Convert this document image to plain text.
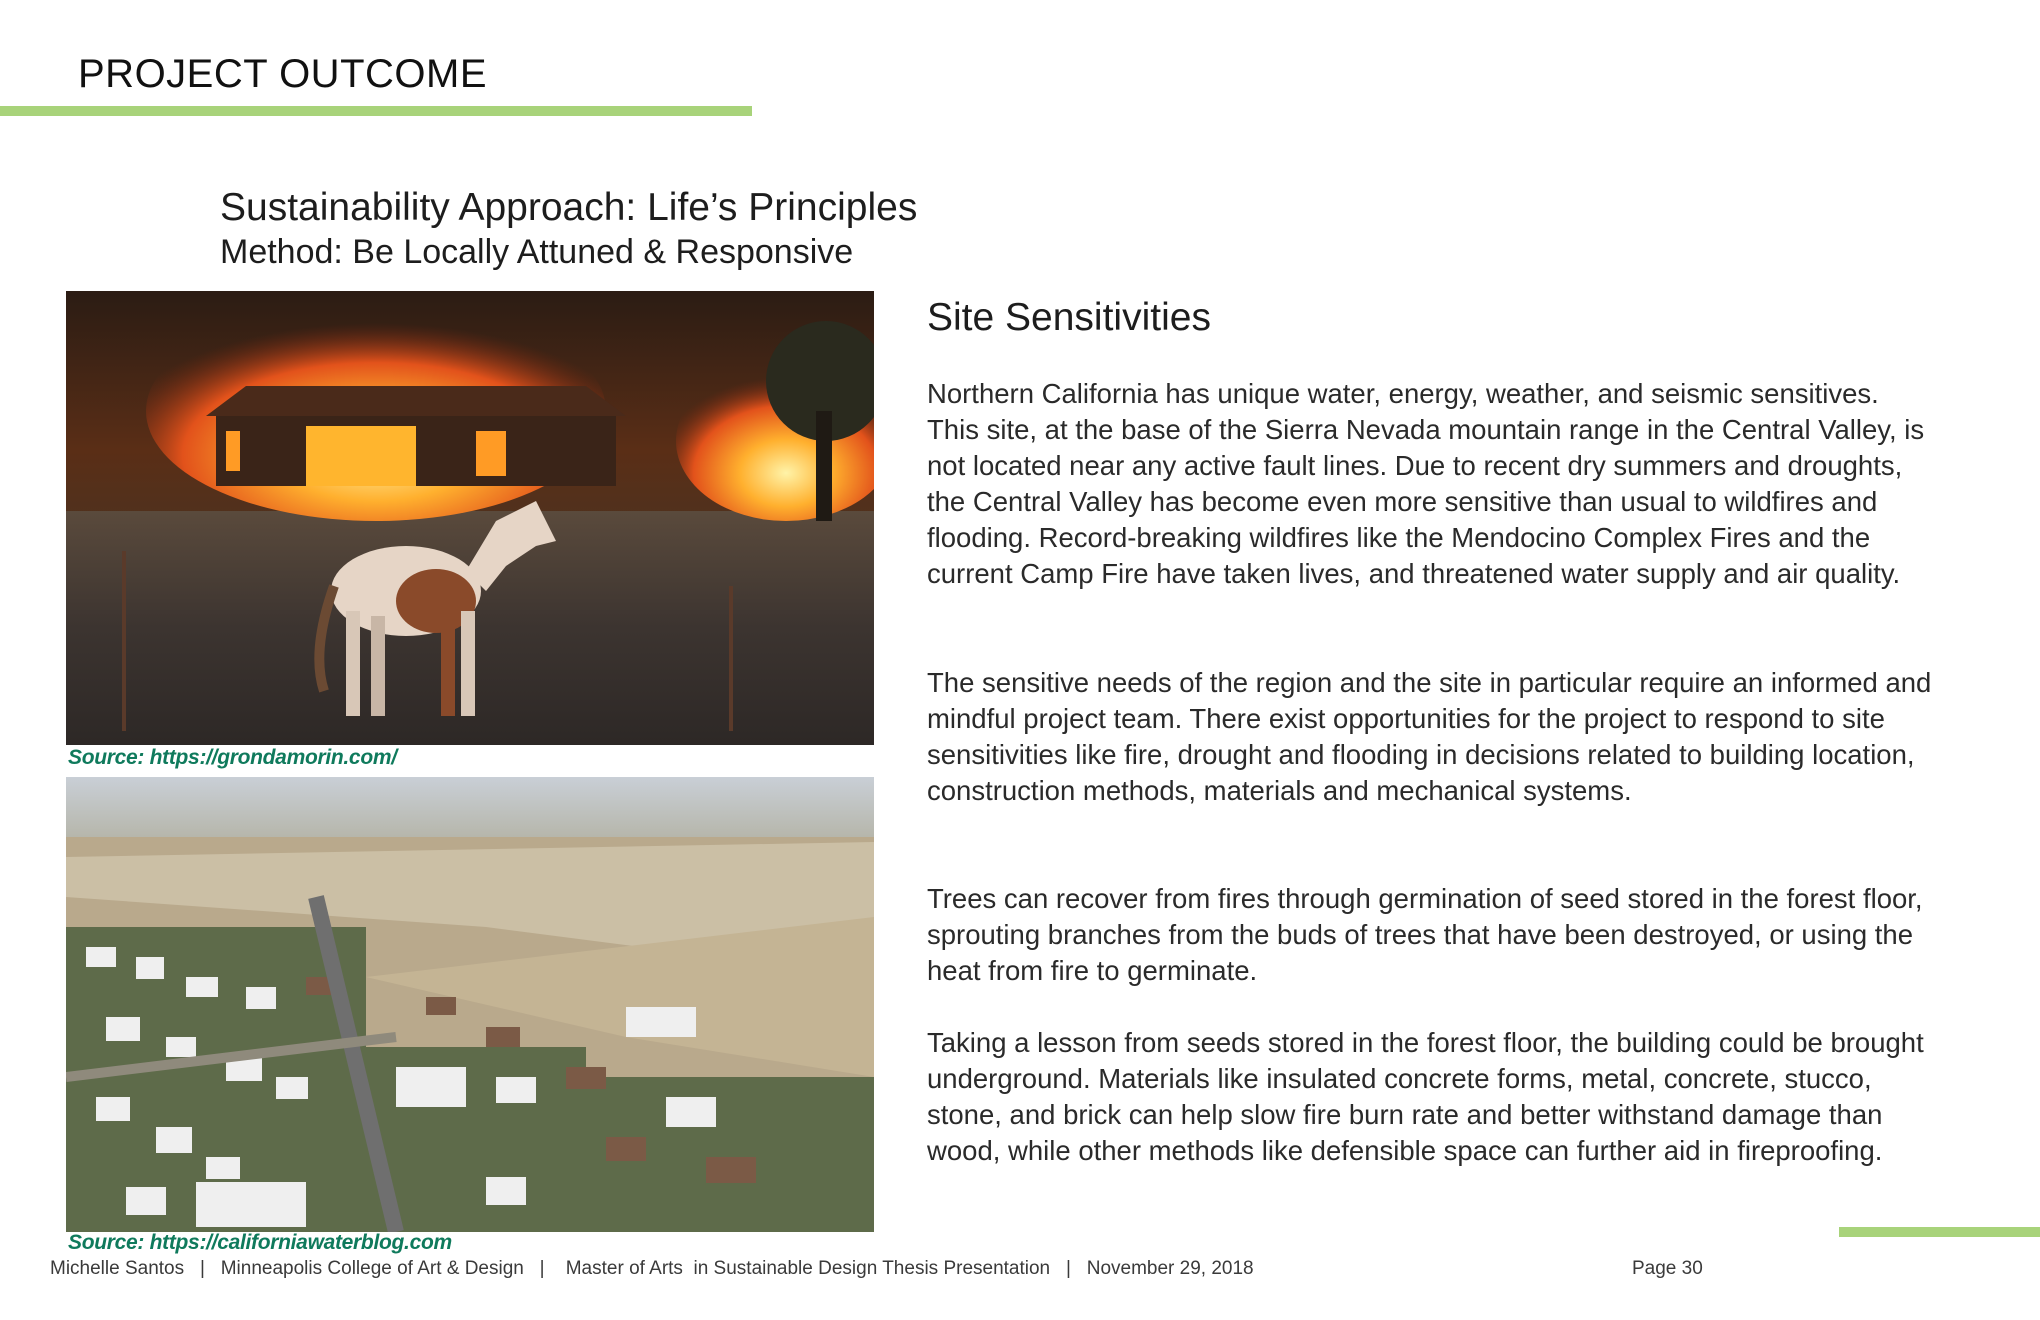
PROJECT OUTCOME
Sustainability Approach: Life’s Principles
Method: Be Locally Attuned & Responsive
Source: https://grondamorin.com/
Source: https://californiawaterblog.com
Site Sensitivities

Northern California has unique water, energy, weather, and seismic sensitives. This site, at the base of the Sierra Nevada mountain range in the Central Valley, is not located near any active fault lines. Due to recent dry summers and droughts, the Central Valley has become even more sensitive than usual to wildfires and flooding. Record-breaking wildfires like the Mendocino Complex Fires and the current Camp Fire have taken lives, and threatened water supply and air quality.

The sensitive needs of the region and the site in particular require an informed and mindful project team. There exist opportunities for the project to respond to site sensitivities like fire, drought and flooding in decisions related to building location, construction methods, materials and mechanical systems.

Trees can recover from fires through germination of seed stored in the forest floor, sprouting branches from the buds of trees that have been destroyed, or using the heat from fire to germinate.

Taking a lesson from seeds stored in the forest floor, the building could be brought underground. Materials like insulated concrete forms, metal, concrete, stucco, stone, and brick can help slow fire burn rate and better withstand damage than wood, while other methods like defensible space can further aid in fireproofing.

Michelle Santos   |   Minneapolis College of Art & Design   |    Master of Arts  in Sustainable Design Thesis Presentation   |   November 29, 2018	Page 30
